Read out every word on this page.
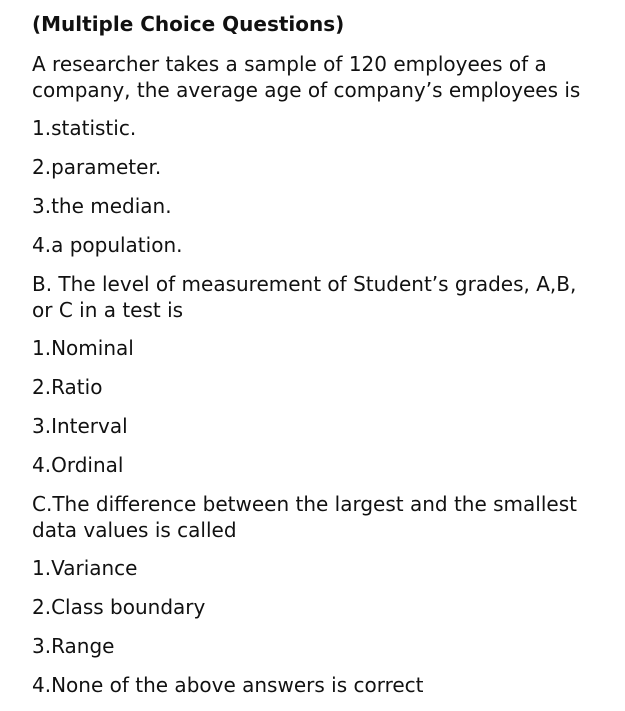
(Multiple Choice Questions)
A researcher takes a sample of 120 employees of a company, the average age of company’s employees is
1.statistic.
2.parameter.
3.the median.
4.a population.
B. The level of measurement of Student’s grades, A,B, or C in a test is
1.Nominal
2.Ratio
3.Interval
4.Ordinal
C.The difference between the largest and the smallest data values is called
1.Variance
2.Class boundary
3.Range
4.None of the above answers is correct
